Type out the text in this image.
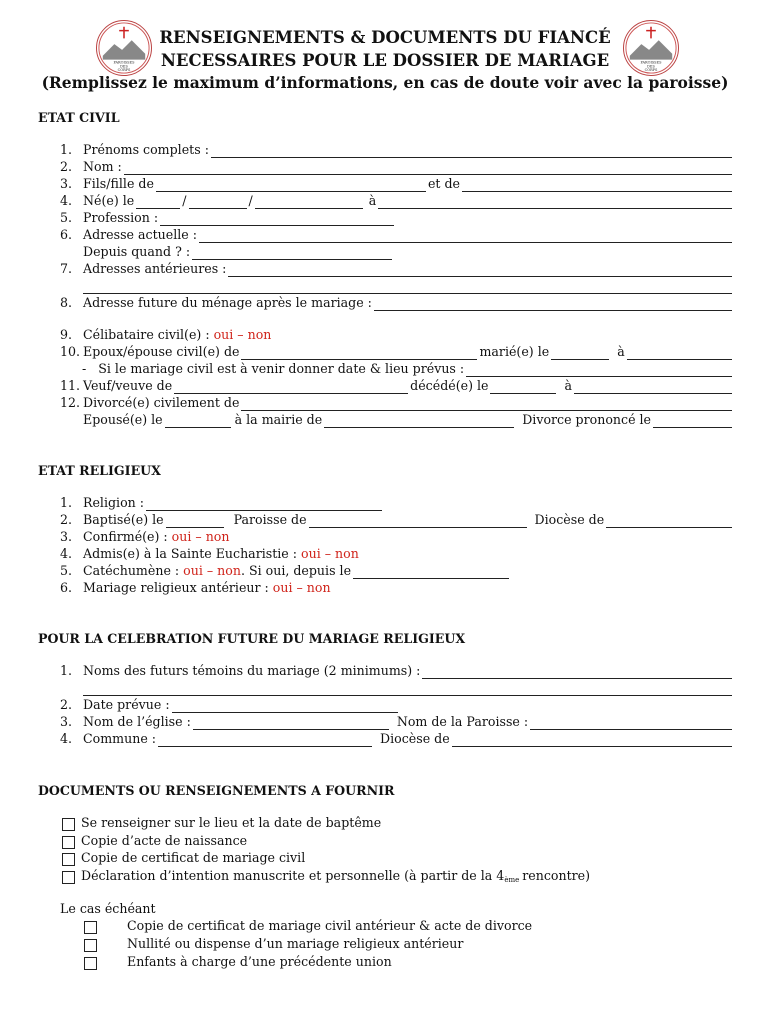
PAROISSES
DES
CORPS
PAROISSES
DES
CORPS
RENSEIGNEMENTS & DOCUMENTS DU FIANCÉ
NECESSAIRES POUR LE DOSSIER DE MARIAGE
(Remplissez le maximum d’informations, en cas de doute voir avec la paroisse)
ETAT CIVIL
1. Prénoms complets :
2. Nom :
3. Fils/fille de	et de
4. Né(e) le	/	/	à
5. Profession :
6. Adresse actuelle :
Depuis quand ? :
7. Adresses antérieures :
8. Adresse future du ménage après le mariage :
9. Célibataire civil(e) : oui – non
10. Epoux/épouse civil(e) de	marié(e) le	à
- Si le mariage civil est à venir donner date & lieu prévus :
11. Veuf/veuve de	décédé(e) le	à
12. Divorcé(e) civilement de
Epousé(e) le	à la mairie de	Divorce prononcé le
ETAT RELIGIEUX
1. Religion :
2. Baptisé(e) le	Paroisse de	Diocèse de
3. Confirmé(e) : oui – non
4. Admis(e) à la Sainte Eucharistie : oui – non
5. Catéchumène : oui – non . Si oui, depuis le
6. Mariage religieux antérieur : oui – non
POUR LA CELEBRATION FUTURE DU MARIAGE RELIGIEUX
1. Noms des futurs témoins du mariage (2 minimums) :
2. Date prévue :
3. Nom de l’église :	Nom de la Paroisse :
4. Commune :	Diocèse de
DOCUMENTS OU RENSEIGNEMENTS A FOURNIR
Se renseigner sur le lieu et la date de baptême
Copie d’acte de naissance
Copie de certificat de mariage civil
Déclaration d’intention manuscrite et personnelle (à partir de la $4_{ème}$ rencontre)
Le cas échéant
Copie de certificat de mariage civil antérieur & acte de divorce
Nullité ou dispense d’un mariage religieux antérieur
Enfants à charge d’une précédente union
